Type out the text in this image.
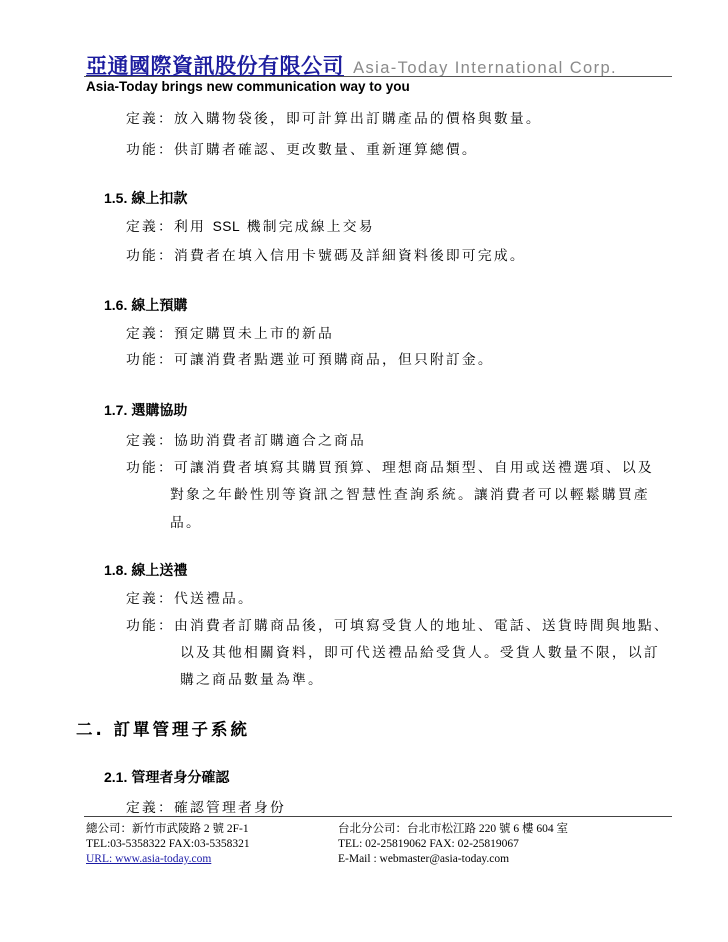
亞通國際資訊股份有限公司 Asia-Today International Corp.
Asia-Today brings new communication way to you
定義：放入購物袋後，即可計算出訂購產品的價格與數量。
功能：供訂購者確認、更改數量、重新運算總價。
1.5. 線上扣款
定義：利用 SSL 機制完成線上交易
功能：消費者在填入信用卡號碼及詳細資料後即可完成。
1.6. 線上預購
定義：預定購買未上市的新品
功能：可讓消費者點選並可預購商品，但只附訂金。
1.7. 選購協助
定義：協助消費者訂購適合之商品
功能：可讓消費者填寫其購買預算、理想商品類型、自用或送禮選項、以及
對象之年齡性別等資訊之智慧性查詢系統。讓消費者可以輕鬆購買產
品。
1.8. 線上送禮
定義：代送禮品。
功能：由消費者訂購商品後，可填寫受貨人的地址、電話、送貨時間與地點、
以及其他相關資料，即可代送禮品給受貨人。受貨人數量不限，以訂
購之商品數量為準。
二. 訂單管理子系統
2.1. 管理者身分確認
定義：確認管理者身份
總公司：新竹市武陵路 2 號 2F-1
TEL:03-5358322 FAX:03-5358321
URL: www.asia-today.com
台北分公司：台北市松江路 220 號 6 樓 604 室
TEL: 02-25819062 FAX: 02-25819067
E-Mail : webmaster@asia-today.com
